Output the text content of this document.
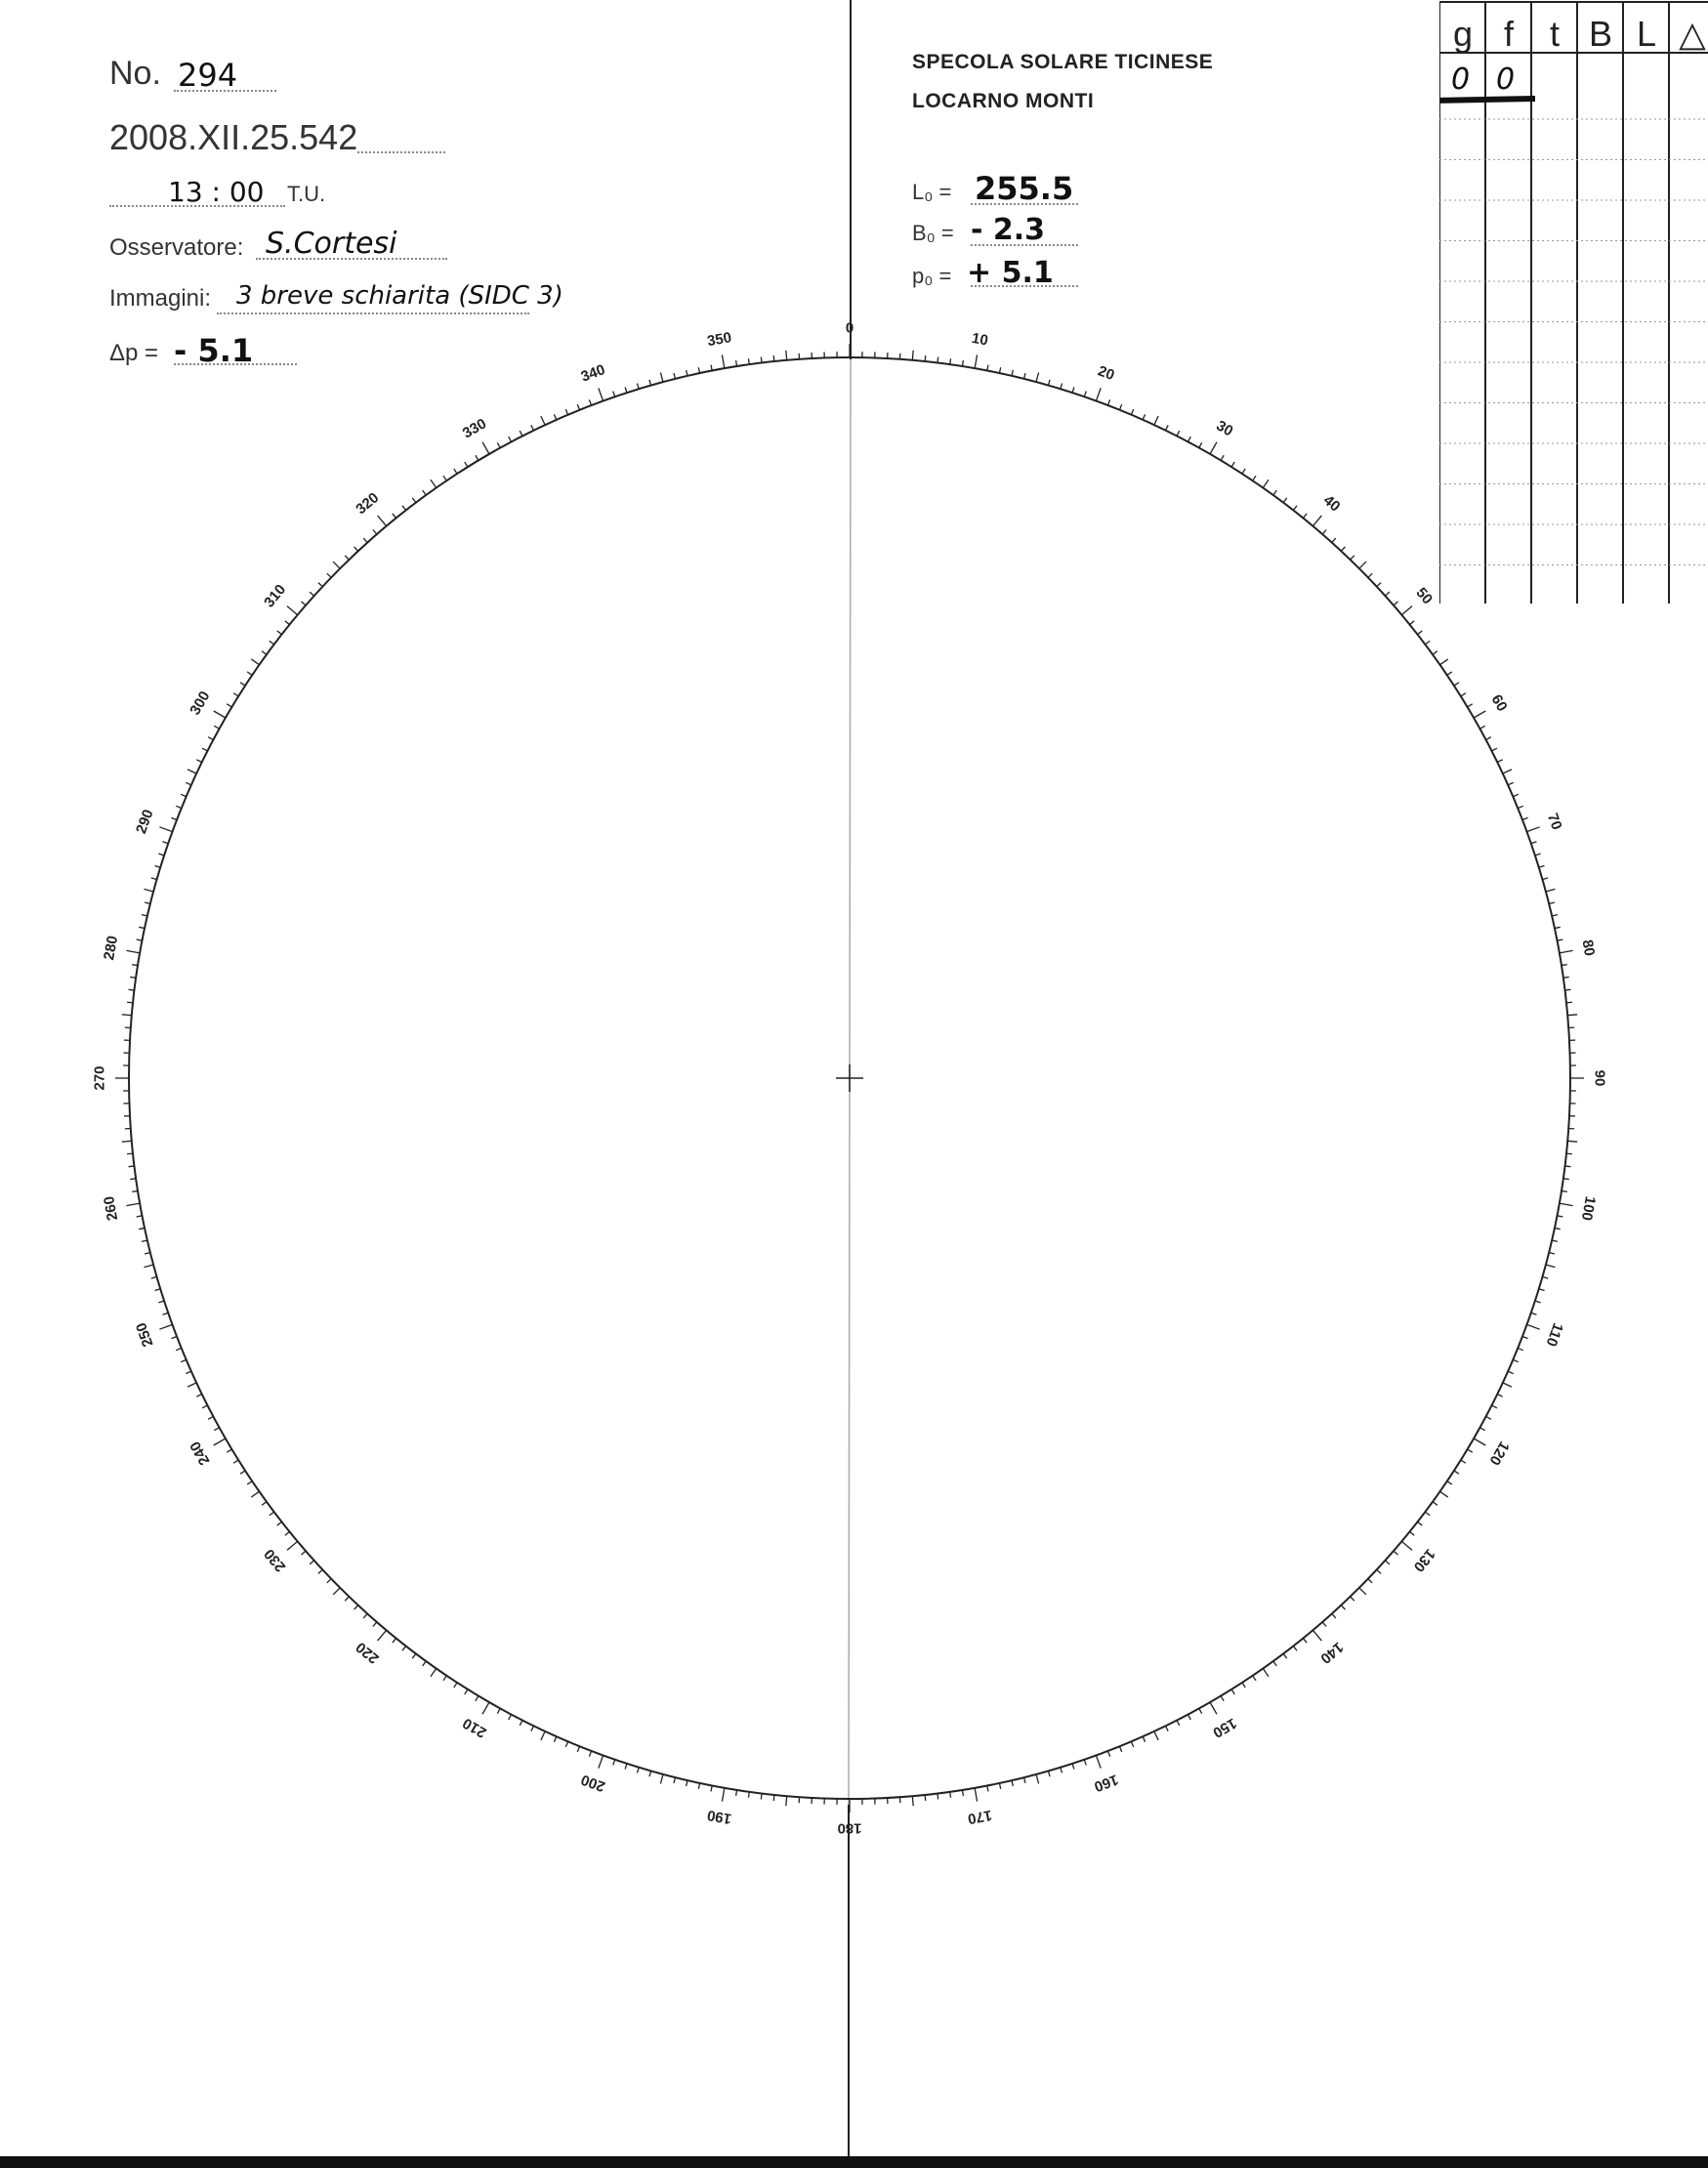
No. 294
2008.XII.25.542
13 : 00 T.U.
Osservatore: S.Cortesi
Immagini: 3 breve schiarita (SIDC 3)
Δp = - 5.1
SPECOLA SOLARE TICINESE
LOCARNO MONTI
L₀ = 255.5
B₀ = - 2.3
p₀ = + 5.1
g f	t B L △
0 0
0
10
20
30
40
50
60
70
80
90
100
110
120
130
140
150
160
170
180
190
200
210
220
230
240
250
260
270
280
290
300
310
320
330
340
350
